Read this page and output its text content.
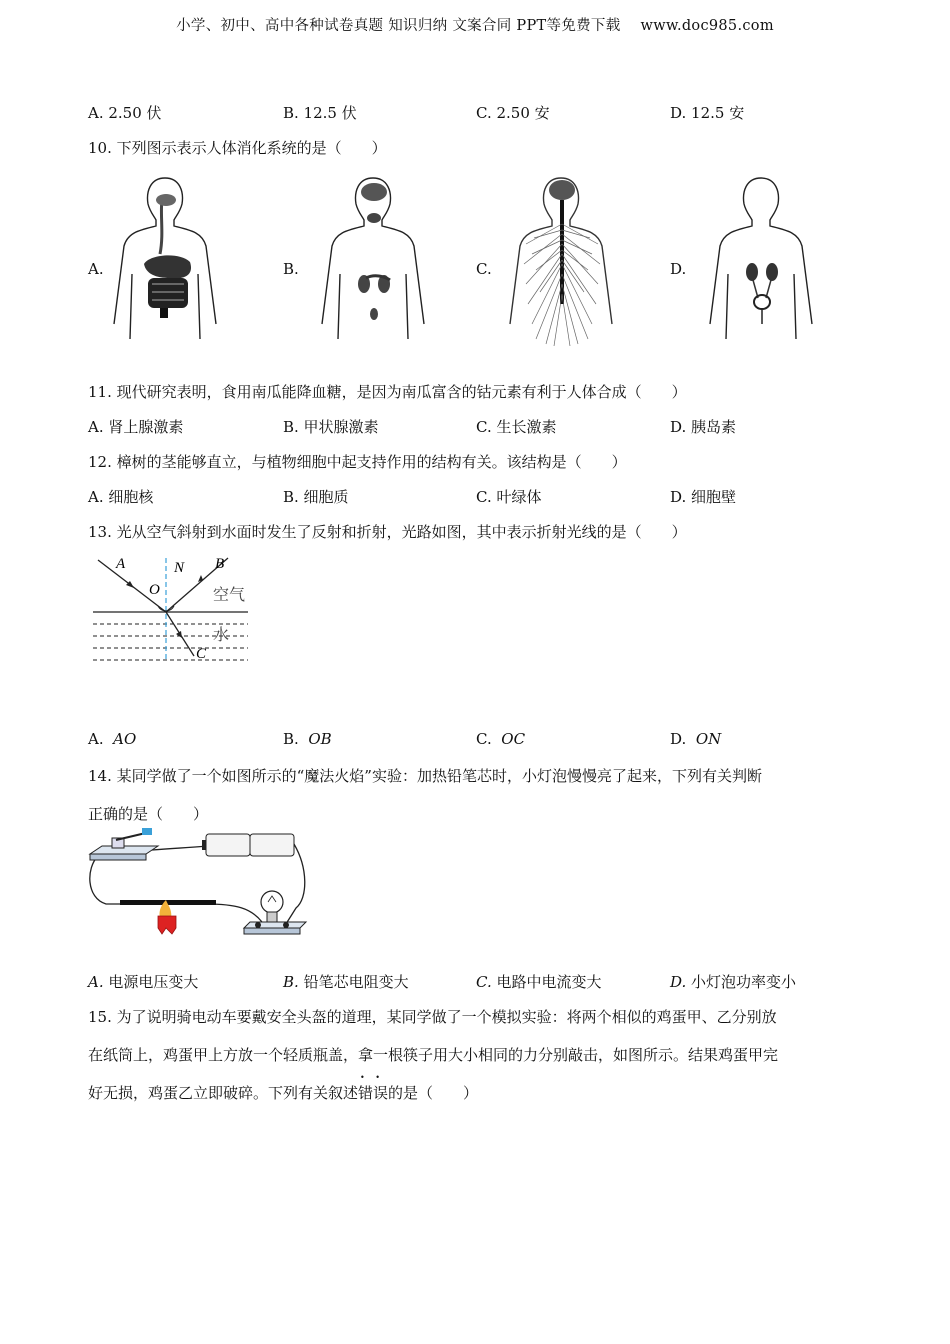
小学、初中、高中各种试卷真题 知识归纳 文案合同 PPT等免费下载 www.doc985.com
A. 2.50 伏	B. 12.5 伏	C. 2.50 安	D. 12.5 安
10. 下列图示表示人体消化系统的是（　　）
A.	B.	C.	D.
11. 现代研究表明，食用南瓜能降血糖，是因为南瓜富含的钴元素有利于人体合成（　　）
A. 肾上腺激素	B. 甲状腺激素	C. 生长激素	D. 胰岛素
12. 樟树的茎能够直立，与植物细胞中起支持作用的结构有关。该结构是（　　）
A. 细胞核	B. 细胞质	C. 叶绿体	D. 细胞壁
13. 光从空气斜射到水面时发生了反射和折射，光路如图，其中表示折射光线的是（　　）
A	N B
O
C
空气
水
A. AO	B. OB	C. OC	D. ON
14. 某同学做了一个如图所示的“魔法火焰”实验：加热铅笔芯时，小灯泡慢慢亮了起来，下列有关判断
正确的是（　　）
A. 电源电压变大	B. 铅笔芯电阻变大	C. 电路中电流变大	D. 小灯泡功率变小
15. 为了说明骑电动车要戴安全头盔的道理，某同学做了一个模拟实验：将两个相似的鸡蛋甲、乙分别放
在纸筒上，鸡蛋甲上方放一个轻质瓶盖，拿一根筷子用大小相同的力分别敲击，如图所示。结果鸡蛋甲完
好无损，鸡蛋乙立即破碎。下列有关叙述错误 • •的是（　　）
